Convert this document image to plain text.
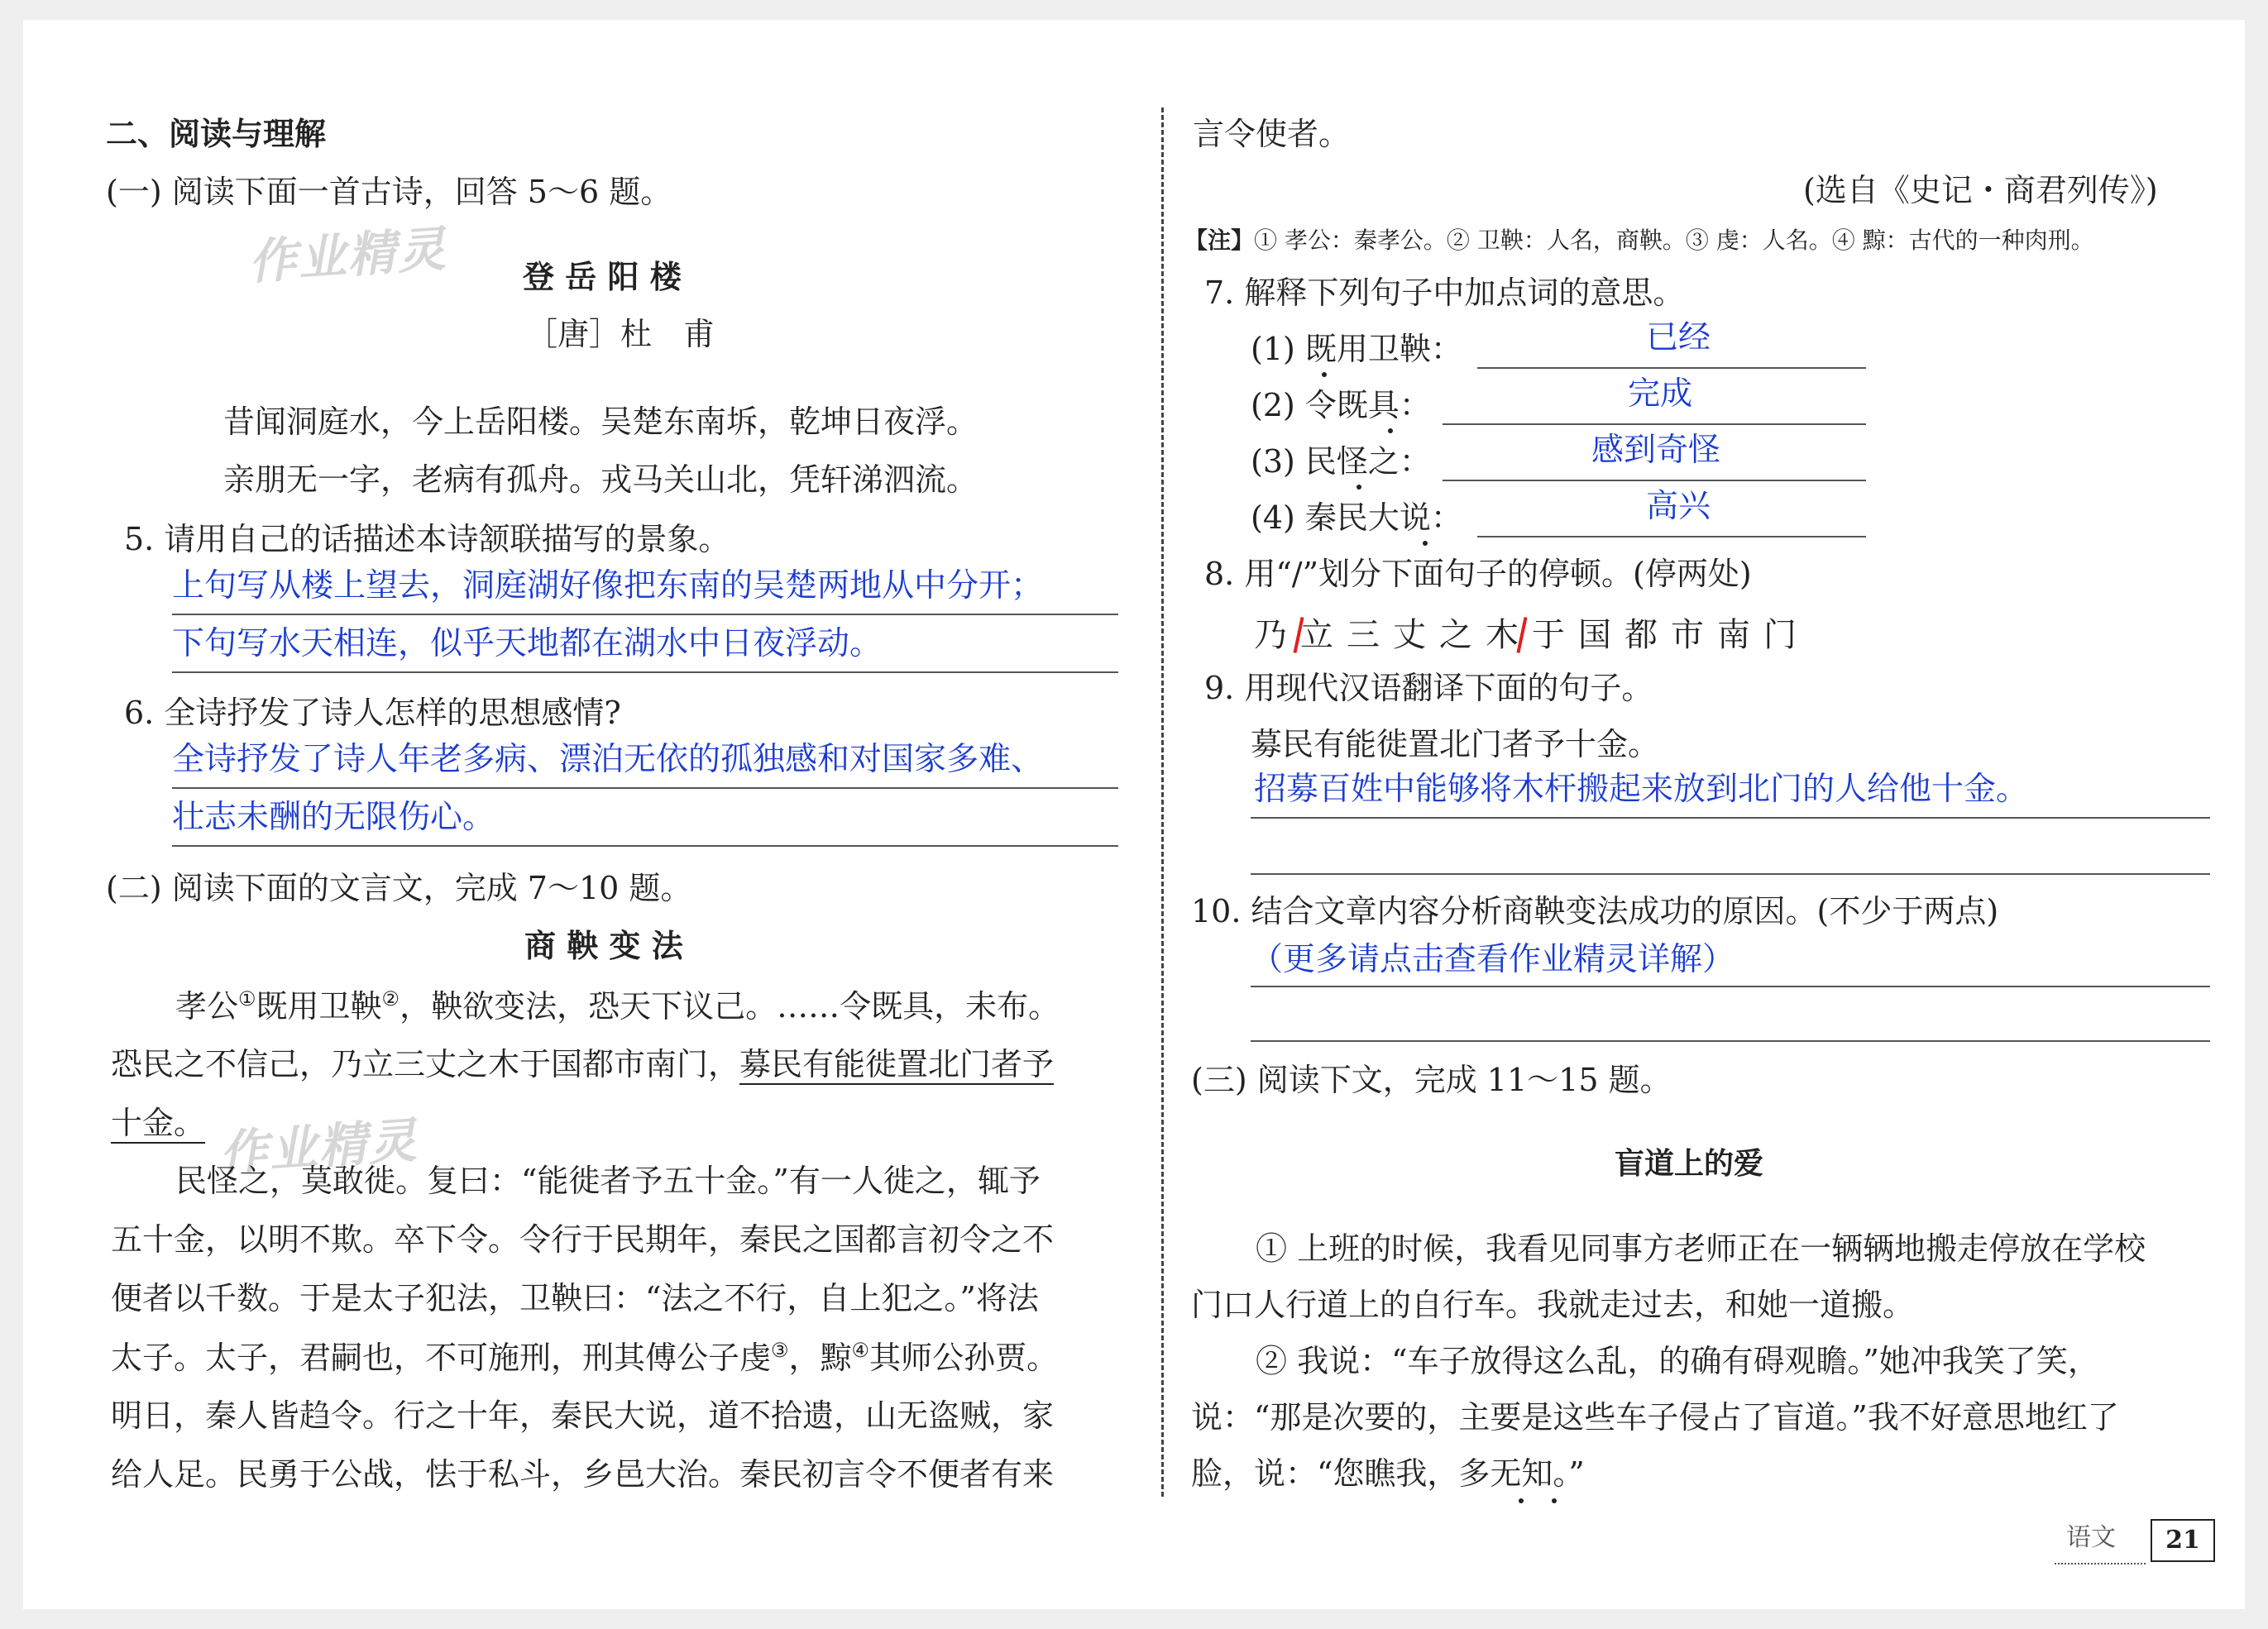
作业精灵
作业精灵
二、阅读与理解
(一) 阅读下面一首古诗，回答 5～6 题。
登 岳 阳 楼
［唐］杜　甫
昔闻洞庭水，今上岳阳楼。吴楚东南坼，乾坤日夜浮。
亲朋无一字，老病有孤舟。戎马关山北，凭轩涕泗流。
5. 请用自己的话描述本诗颔联描写的景象。
上句写从楼上望去，洞庭湖好像把东南的吴楚两地从中分开；
下句写水天相连，似乎天地都在湖水中日夜浮动。
6. 全诗抒发了诗人怎样的思想感情?
全诗抒发了诗人年老多病、漂泊无依的孤独感和对国家多难、
壮志未酬的无限伤心。
(二) 阅读下面的文言文，完成 7～10 题。
商 鞅 变 法
孝公①既用卫鞅②，鞅欲变法，恐天下议己。……令既具，未布。
恐民之不信己，乃立三丈之木于国都市南门，募民有能徙置北门者予
十金。
民怪之，莫敢徙。复曰：“能徙者予五十金。”有一人徙之，辄予
五十金，以明不欺。卒下令。令行于民期年，秦民之国都言初令之不
便者以千数。于是太子犯法，卫鞅曰：“法之不行，自上犯之。”将法
太子。太子，君嗣也，不可施刑，刑其傅公子虔③，黥④其师公孙贾。
明日，秦人皆趋令。行之十年，秦民大说，道不拾遗，山无盗贼，家
给人足。民勇于公战，怯于私斗，乡邑大治。秦民初言令不便者有来
言令使者。
(选自《史记・商君列传》)
【注】① 孝公：秦孝公。② 卫鞅：人名，商鞅。③ 虔：人名。④ 黥：古代的一种肉刑。
7. 解释下列句子中加点词的意思。
(1) 既用卫鞅：	已经
(2) 令既具：	完成
(3) 民怪之：	感到奇怪
(4) 秦民大说：	高兴
8. 用“/”划分下面句子的停顿。(停两处)
乃 立 三 丈 之 木 于 国 都 市 南 门
9. 用现代汉语翻译下面的句子。
募民有能徙置北门者予十金。
招募百姓中能够将木杆搬起来放到北门的人给他十金。
10. 结合文章内容分析商鞅变法成功的原因。(不少于两点)
（更多请点击查看作业精灵详解）
(三) 阅读下文，完成 11～15 题。
盲道上的爱
① 上班的时候，我看见同事方老师正在一辆辆地搬走停放在学校
门口人行道上的自行车。我就走过去，和她一道搬。
② 我说：“车子放得这么乱，的确有碍观瞻。”她冲我笑了笑，
说：“那是次要的，主要是这些车子侵占了盲道。”我不好意思地红了
脸，说：“您瞧我，多无知。”
语文	21
